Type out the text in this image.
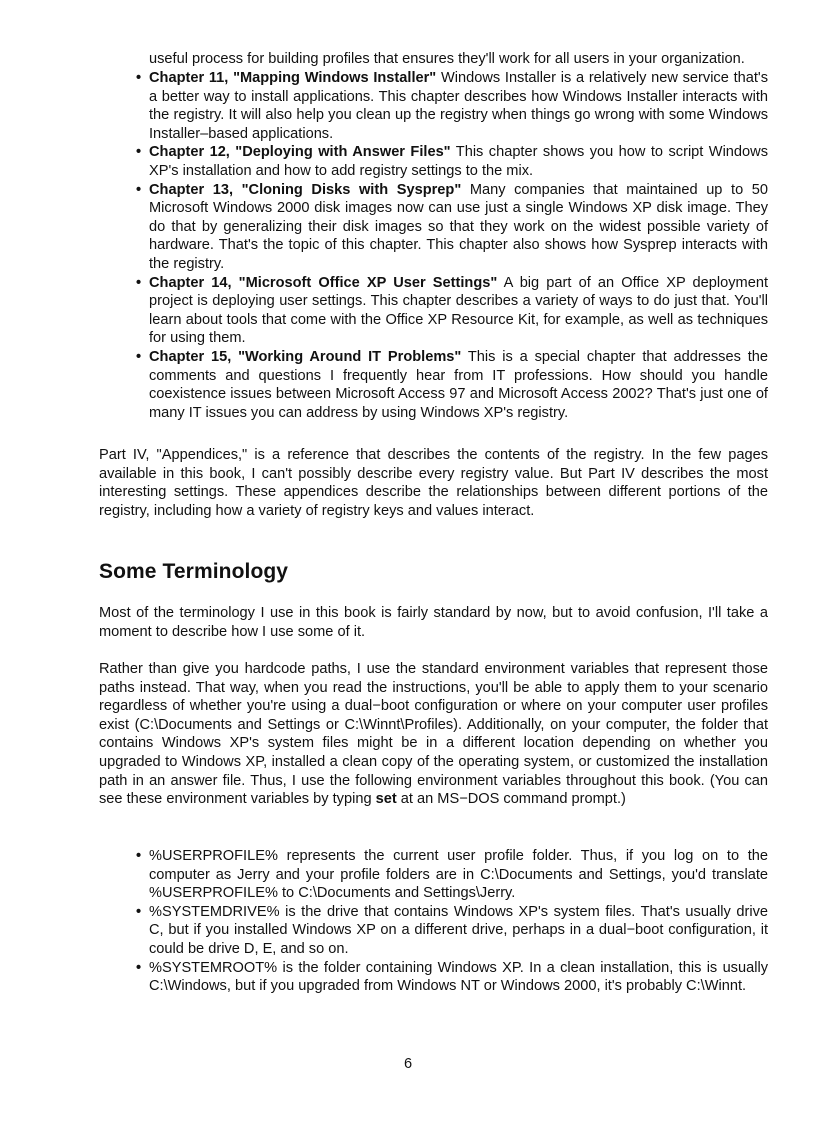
useful process for building profiles that ensures they'll work for all users in your organization.

• Chapter 11, "Mapping Windows Installer" Windows Installer is a relatively new service that's a better way to install applications. This chapter describes how Windows Installer interacts with the registry. It will also help you clean up the registry when things go wrong with some Windows Installer–based applications.
• Chapter 12, "Deploying with Answer Files" This chapter shows you how to script Windows XP's installation and how to add registry settings to the mix.
• Chapter 13, "Cloning Disks with Sysprep" Many companies that maintained up to 50 Microsoft Windows 2000 disk images now can use just a single Windows XP disk image. They do that by generalizing their disk images so that they work on the widest possible variety of hardware. That's the topic of this chapter. This chapter also shows how Sysprep interacts with the registry.
• Chapter 14, "Microsoft Office XP User Settings" A big part of an Office XP deployment project is deploying user settings. This chapter describes a variety of ways to do just that. You'll learn about tools that come with the Office XP Resource Kit, for example, as well as techniques for using them.
• Chapter 15, "Working Around IT Problems" This is a special chapter that addresses the comments and questions I frequently hear from IT professions. How should you handle coexistence issues between Microsoft Access 97 and Microsoft Access 2002? That's just one of many IT issues you can address by using Windows XP's registry.

Part IV, "Appendices," is a reference that describes the contents of the registry. In the few pages available in this book, I can't possibly describe every registry value. But Part IV describes the most interesting settings. These appendices describe the relationships between different portions of the registry, including how a variety of registry keys and values interact.

Some Terminology

Most of the terminology I use in this book is fairly standard by now, but to avoid confusion, I'll take a moment to describe how I use some of it.

Rather than give you hardcode paths, I use the standard environment variables that represent those paths instead. That way, when you read the instructions, you'll be able to apply them to your scenario regardless of whether you're using a dual−boot configuration or where on your computer user profiles exist (C:\Documents and Settings or C:\Winnt\Profiles). Additionally, on your computer, the folder that contains Windows XP's system files might be in a different location depending on whether you upgraded to Windows XP, installed a clean copy of the operating system, or customized the installation path in an answer file. Thus, I use the following environment variables throughout this book. (You can see these environment variables by typing set at an MS−DOS command prompt.)

• %USERPROFILE% represents the current user profile folder. Thus, if you log on to the computer as Jerry and your profile folders are in C:\Documents and Settings, you'd translate %USERPROFILE% to C:\Documents and Settings\Jerry.
• %SYSTEMDRIVE% is the drive that contains Windows XP's system files. That's usually drive C, but if you installed Windows XP on a different drive, perhaps in a dual−boot configuration, it could be drive D, E, and so on.
• %SYSTEMROOT% is the folder containing Windows XP. In a clean installation, this is usually C:\Windows, but if you upgraded from Windows NT or Windows 2000, it's probably C:\Winnt.
6
